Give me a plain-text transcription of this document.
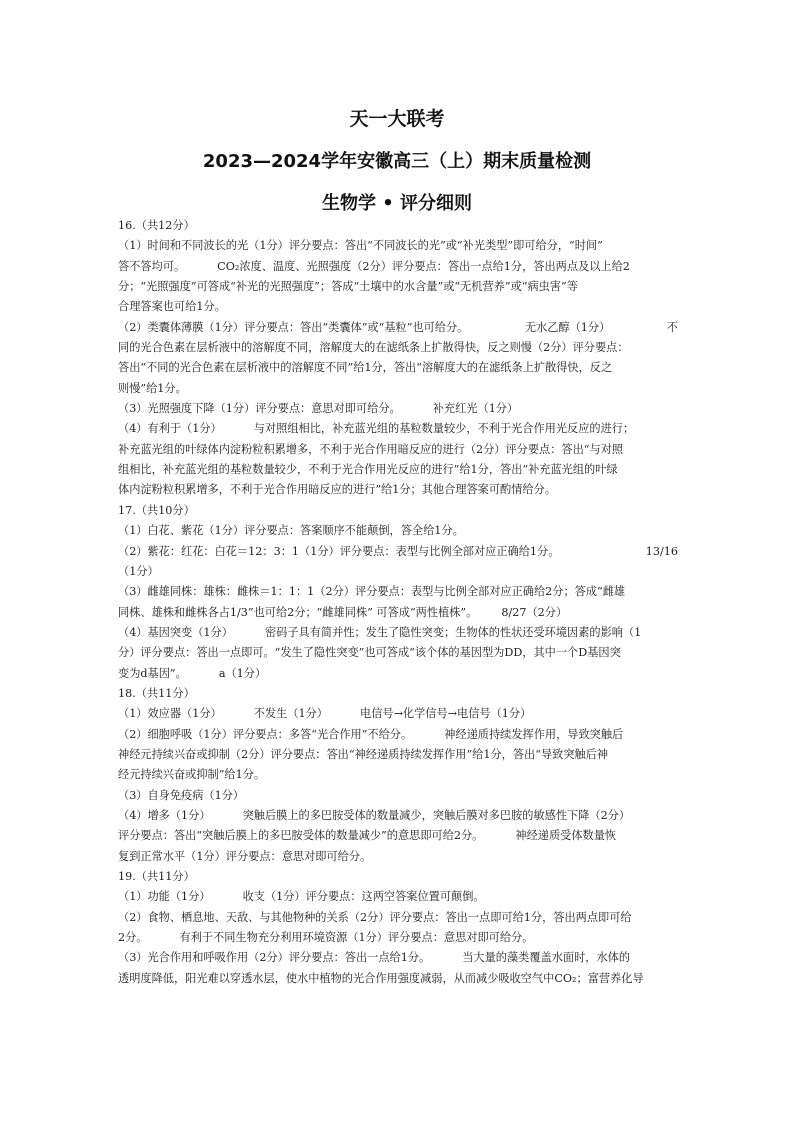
天一大联考
2023—2024学年安徽高三（上）期末质量检测
生物学 • 评分细则
16.（共12分）
（1）时间和不同波长的光（1分）评分要点：答出“不同波长的光”或“补光类型”即可给分，“时间”
答不答均可。	CO₂浓度、温度、光照强度（2分）评分要点：答出一点给1分，答出两点及以上给2
分；“光照强度”可答成“补光的光照强度”；答成“土壤中的水含量”或“无机营养”或“病虫害”等
合理答案也可给1分。
（2）类囊体薄膜（1分）评分要点：答出“类囊体”或“基粒”也可给分。	无水乙醇（1分）	不
同的光合色素在层析液中的溶解度不同，溶解度大的在滤纸条上扩散得快，反之则慢（2分）评分要点：
答出“不同的光合色素在层析液中的溶解度不同”给1分，答出“溶解度大的在滤纸条上扩散得快，反之
则慢”给1分。
（3）光照强度下降（1分）评分要点：意思对即可给分。	补充红光（1分）
（4）有利于（1分）	与对照组相比，补充蓝光组的基粒数量较少，不利于光合作用光反应的进行；
补充蓝光组的叶绿体内淀粉粒积累增多，不利于光合作用暗反应的进行（2分）评分要点：答出“与对照
组相比，补充蓝光组的基粒数量较少，不利于光合作用光反应的进行”给1分，答出“补充蓝光组的叶绿
体内淀粉粒积累增多，不利于光合作用暗反应的进行”给1分；其他合理答案可酌情给分。
17.（共10分）
（1）白花、紫花（1分）评分要点：答案顺序不能颠倒，答全给1分。
（2）紫花：红花：白花＝12：3：1（1分）评分要点：表型与比例全部对应正确给1分。	13/16
（1分）
（3）雌雄同株：雄株：雌株＝1：1：1（2分）评分要点：表型与比例全部对应正确给2分；答成“雌雄
同株、雄株和雌株各占1/3”也可给2分；“雌雄同株” 可答成“两性植株”。 8/27（2分）
（4）基因突变（1分）	密码子具有简并性；发生了隐性突变；生物体的性状还受环境因素的影响（1
分）评分要点：答出一点即可。“发生了隐性突变”也可答成“该个体的基因型为DD，其中一个D基因突
变为d基因”。	a（1分）
18.（共11分）
（1）效应器（1分）	不发生（1分）	电信号→化学信号→电信号（1分）
（2）细胞呼吸（1分）评分要点：多答“光合作用”不给分。	神经递质持续发挥作用，导致突触后
神经元持续兴奋或抑制（2分）评分要点：答出“神经递质持续发挥作用”给1分，答出“导致突触后神
经元持续兴奋或抑制”给1分。
（3）自身免疫病（1分）
（4）增多（1分）	突触后膜上的多巴胺受体的数量减少，突触后膜对多巴胺的敏感性下降（2分）
评分要点：答出“突触后膜上的多巴胺受体的数量减少”的意思即可给2分。	神经递质受体数量恢
复到正常水平（1分）评分要点：意思对即可给分。
19.（共11分）
（1）功能（1分）	收支（1分）评分要点：这两空答案位置可颠倒。
（2）食物、栖息地、天敌、与其他物种的关系（2分）评分要点：答出一点即可给1分，答出两点即可给
2分。	有利于不同生物充分利用环境资源（1分）评分要点：意思对即可给分。
（3）光合作用和呼吸作用（2分）评分要点：答出一点给1分。	当大量的藻类覆盖水面时，水体的
透明度降低，阳光难以穿透水层，使水中植物的光合作用强度减弱，从而减少吸收空气中CO₂；富营养化导
